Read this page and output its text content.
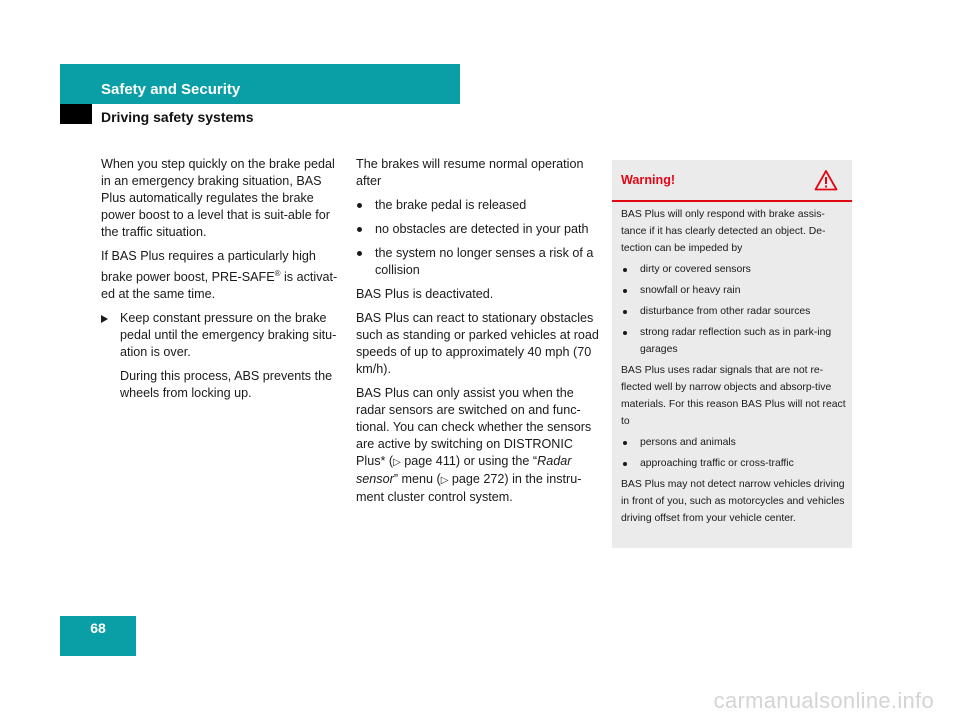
Safety and Security
Driving safety systems

When you step quickly on the brake pedal in an emergency braking situation, BAS Plus automatically regulates the brake power boost to a level that is suit-able for the traffic situation.

If BAS Plus requires a particularly high brake power boost, PRE-SAFE® is activat-ed at the same time.

Keep constant pressure on the brake pedal until the emergency braking situ-ation is over.

During this process, ABS prevents the wheels from locking up.

The brakes will resume normal operation after

the brake pedal is released
no obstacles are detected in your path
the system no longer senses a risk of a collision

BAS Plus is deactivated.

BAS Plus can react to stationary obstacles such as standing or parked vehicles at road speeds of up to approximately 40 mph (70 km/h).

BAS Plus can only assist you when the radar sensors are switched on and func-tional. You can check whether the sensors are active by switching on DISTRONIC Plus* (▷ page 411) or using the “Radar sensor” menu (▷ page 272) in the instru-ment cluster control system.

Warning!

BAS Plus will only respond with brake assis-tance if it has clearly detected an object. De-tection can be impeded by

dirty or covered sensors
snowfall or heavy rain
disturbance from other radar sources
strong radar reflection such as in park-ing garages

BAS Plus uses radar signals that are not re-flected well by narrow objects and absorp-tive materials. For this reason BAS Plus will not react to

persons and animals
approaching traffic or cross-traffic

BAS Plus may not detect narrow vehicles driving in front of you, such as motorcycles and vehicles driving offset from your vehicle center.

68
carmanualsonline.info
